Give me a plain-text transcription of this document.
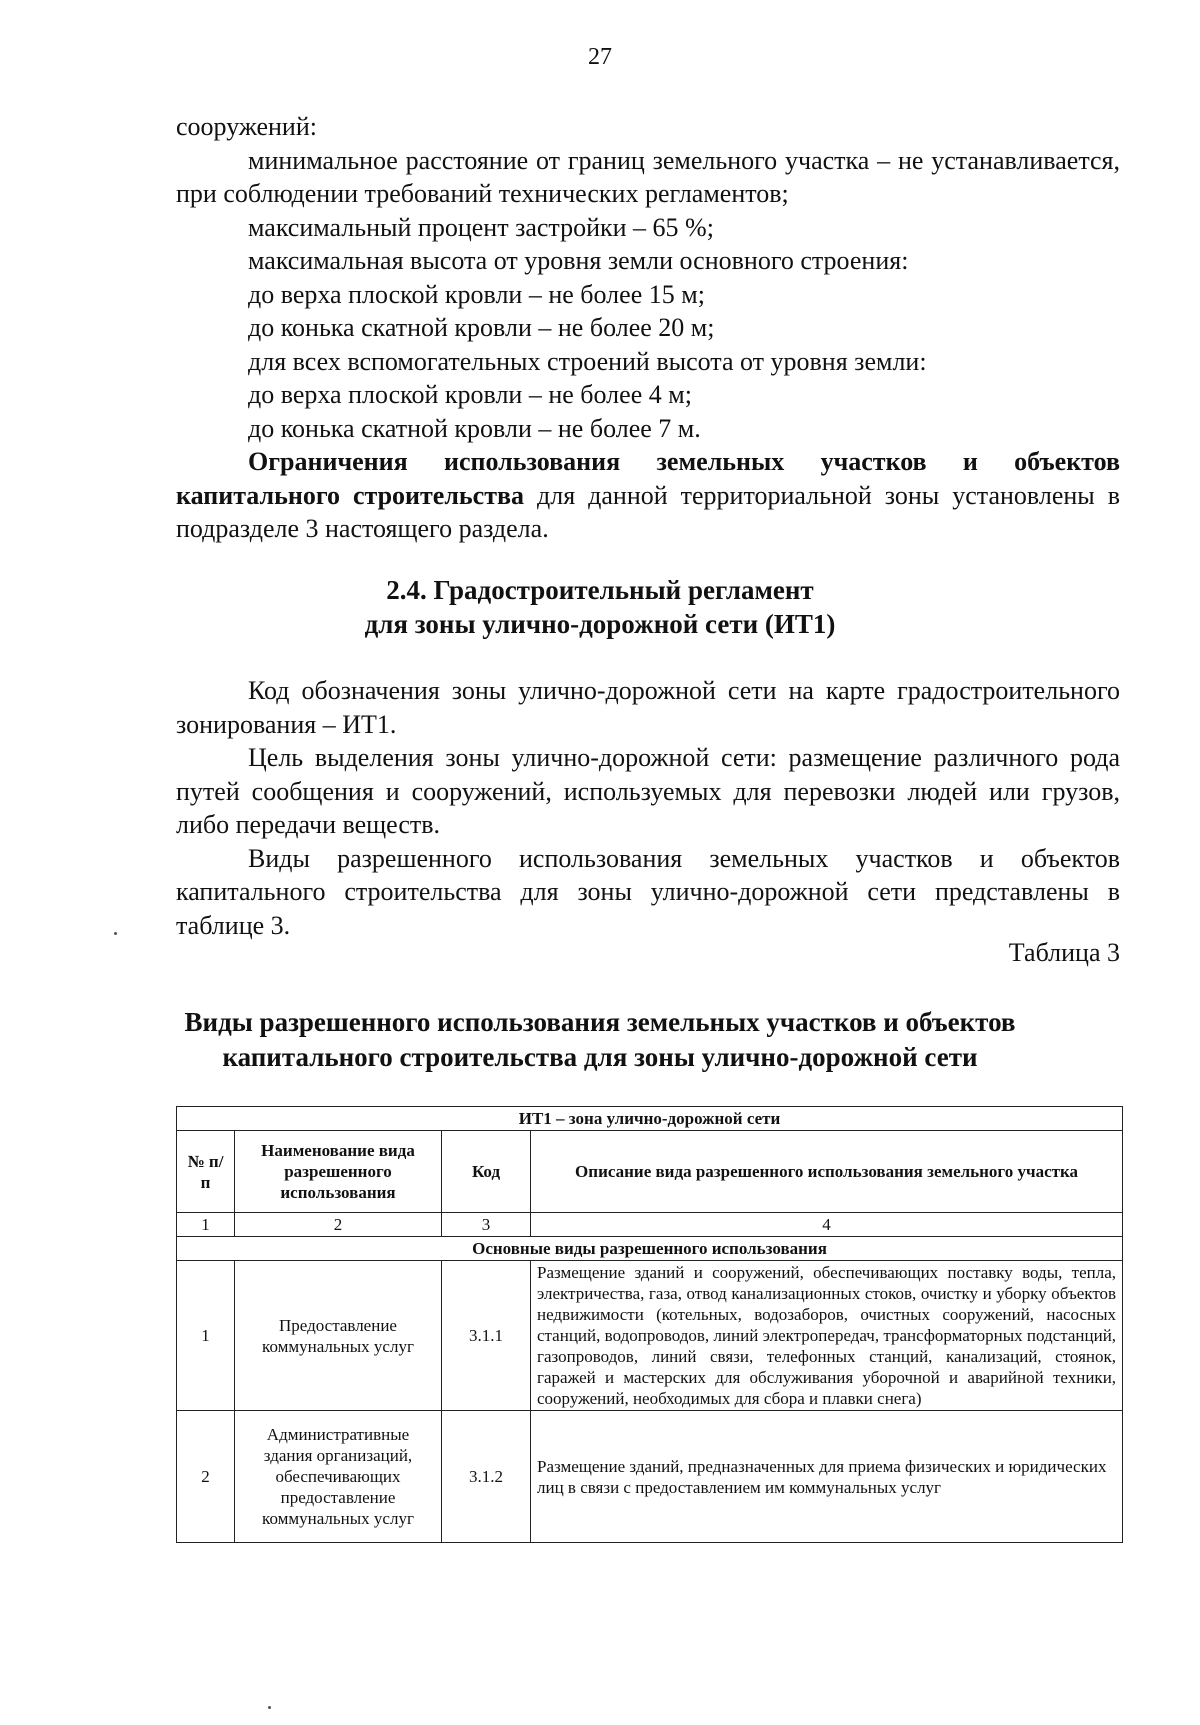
27

сооружений:

минимальное расстояние от границ земельного участка – не устанавливается, при соблюдении требований технических регламентов;

максимальный процент застройки – 65 %;

максимальная высота от уровня земли основного строения:

до верха плоской кровли – не более 15 м;

до конька скатной кровли – не более 20 м;

для всех вспомогательных строений высота от уровня земли:

до верха плоской кровли – не более 4 м;

до конька скатной кровли – не более 7 м.

Ограничения использования земельных участков и объектов капитального строительства для данной территориальной зоны установлены в подразделе 3 настоящего раздела.

2.4. Градостроительный регламент
для зоны улично-дорожной сети (ИТ1)

Код обозначения зоны улично-дорожной сети на карте градостроительного зонирования – ИТ1.

Цель выделения зоны улично-дорожной сети: размещение различного рода путей сообщения и сооружений, используемых для перевозки людей или грузов, либо передачи веществ.

Виды разрешенного использования земельных участков и объектов капитального строительства для зоны улично-дорожной сети представлены в таблице 3.

Таблица 3
Виды разрешенного использования земельных участков и объектов
капитального строительства для зоны улично-дорожной сети
ИТ1 – зона улично-дорожной сети			
№ п/п	Наименование вида разрешенного использования	Код	Описание вида разрешенного использования земельного участка
1	2	3	4
Основные виды разрешенного использования			
1	Предоставление коммунальных услуг	3.1.1	Размещение зданий и сооружений, обеспечивающих поставку воды, тепла, электричества, газа, отвод канализационных стоков, очистку и уборку объектов недвижимости (котельных, водозаборов, очистных сооружений, насосных станций, водопроводов, линий электропередач, трансформаторных подстанций, газопроводов, линий связи, телефонных станций, канализаций, стоянок, гаражей и мастерских для обслуживания уборочной и аварийной техники, сооружений, необходимых для сбора и плавки снега)
2	Административные здания организаций, обеспечивающих предоставление коммунальных услуг	3.1.2	Размещение зданий, предназначенных для приема физических и юридических лиц в связи с предоставлением им коммунальных услуг
